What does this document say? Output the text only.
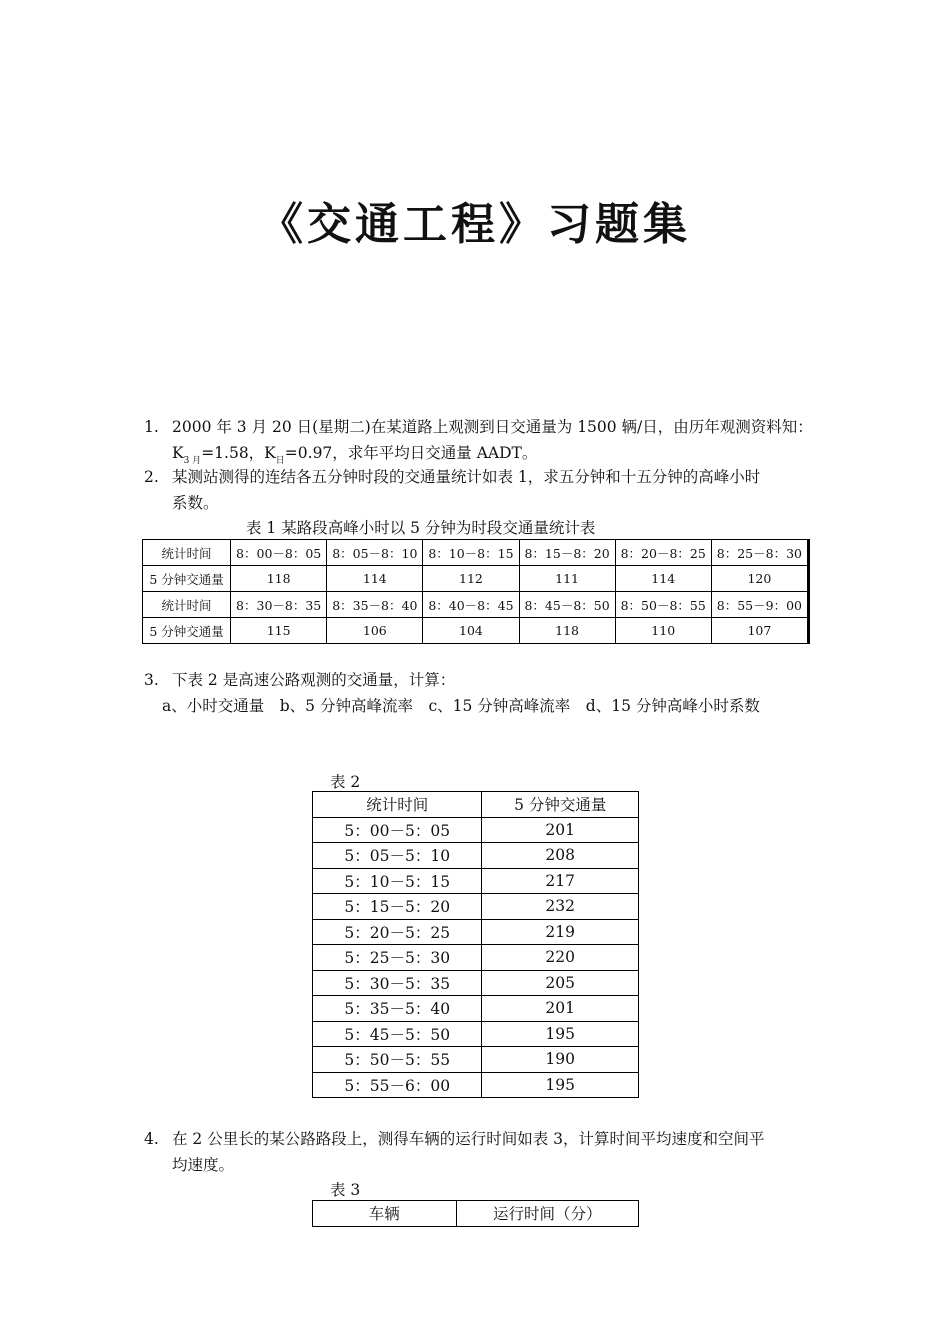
《交通工程》习题集
1. 2000 年 3 月 20 日(星期二)在某道路上观测到日交通量为 1500 辆/日，由历年观测资料知：
$K_{3 月}=1.58$，$K_日=0.97$，求年平均日交通量 AADT。
2. 某测站测得的连结各五分钟时段的交通量统计如表 1，求五分钟和十五分钟的高峰小时
系数。
表 1 某路段高峰小时以 5 分钟为时段交通量统计表
统计时间	8：00－8：05	8：05－8：10	8：10－8：15	8：15－8：20	8：20－8：25	8：25－8：30
5 分钟交通量	118	114	112	111	114	120
统计时间	8：30－8：35	8：35－8：40	8：40－8：45	8：45－8：50	8：50－8：55	8：55－9：00
5 分钟交通量	115	106	104	118	110	107
3. 下表 2 是高速公路观测的交通量，计算：
a、小时交通量　b、5 分钟高峰流率　c、15 分钟高峰流率　d、15 分钟高峰小时系数
表 2
统计时间	5 分钟交通量
5：00－5：05	201
5：05－5：10	208
5：10－5：15	217
5：15－5：20	232
5：20－5：25	219
5：25－5：30	220
5：30－5：35	205
5：35－5：40	201
5：45－5：50	195
5：50－5：55	190
5：55－6：00	195
4. 在 2 公里长的某公路路段上，测得车辆的运行时间如表 3，计算时间平均速度和空间平
均速度。
表 3
车辆	运行时间（分）
